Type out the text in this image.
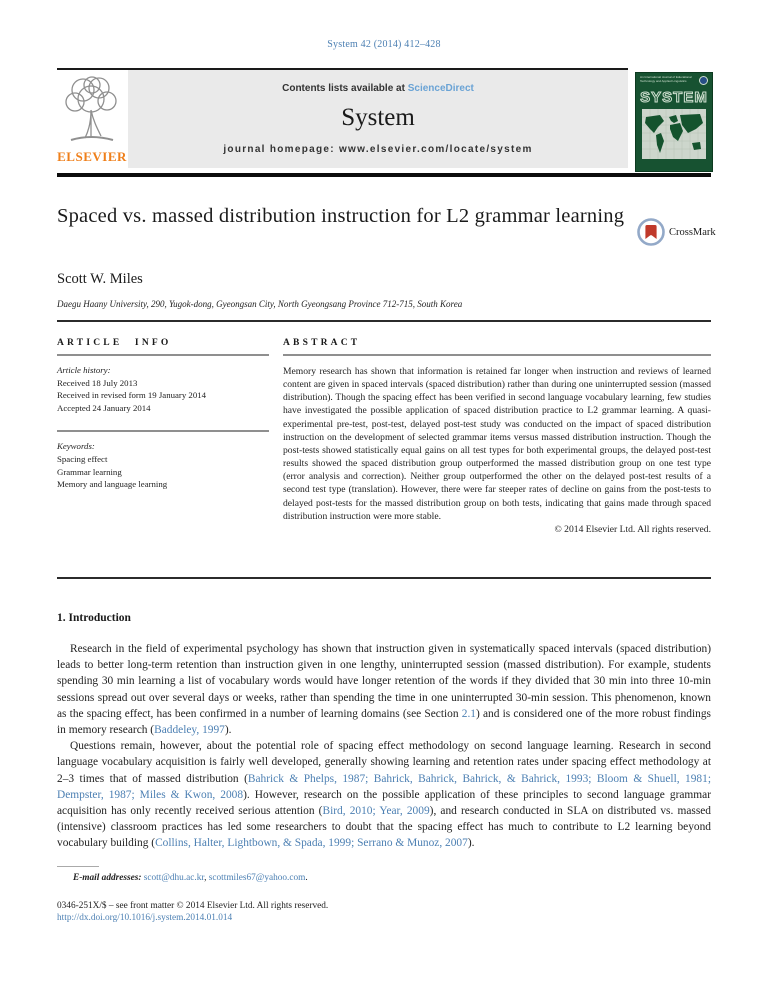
System 42 (2014) 412–428
ELSEVIER
Contents lists available at ScienceDirect
System
journal homepage: www.elsevier.com/locate/system
An International Journal of Educational Technology and Applied Linguistics
SYSTEM
Spaced vs. massed distribution instruction for L2 grammar learning
CrossMark
Scott W. Miles
Daegu Haany University, 290, Yugok-dong, Gyeongsan City, North Gyeongsang Province 712-715, South Korea
ARTICLE INFO
Article history:
Received 18 July 2013
Received in revised form 19 January 2014
Accepted 24 January 2014
Keywords:
Spacing effect
Grammar learning
Memory and language learning
ABSTRACT
Memory research has shown that information is retained far longer when instruction and reviews of learned content are given in spaced intervals (spaced distribution) rather than during one uninterrupted session (massed distribution). Though the spacing effect has been verified in second language vocabulary learning, few studies have investigated the possible application of spaced distribution practice to L2 grammar learning. A quasi-experimental pre-test, post-test, delayed post-test study was conducted on the impact of spaced distribution instruction on the development of selected grammar items versus massed distribution instruction. Though the post-tests showed statistically equal gains on all test types for both experimental groups, the delayed post-test results showed the spaced distribution group outperformed the massed distribution group on one test type (error analysis and correction). Neither group outperformed the other on the delayed post-test results of a second test type (translation). However, there were far steeper rates of decline on gains from the post-tests to delayed post-tests for the massed distribution group on both tests, indicating that gains made through spaced distribution instruction were more stable.
© 2014 Elsevier Ltd. All rights reserved.
1. Introduction

Research in the field of experimental psychology has shown that instruction given in systematically spaced intervals (spaced distribution) leads to better long-term retention than instruction given in one lengthy, uninterrupted session (massed distribution). For example, students spending 30 min learning a list of vocabulary words would have longer retention of the words if they divided that 30 min into three 10-min sessions spread out over several days or weeks, rather than spending the time in one uninterrupted 30-min session. This phenomenon, known as the spacing effect, has been confirmed in a number of learning domains (see Section 2.1) and is considered one of the more robust findings in memory research (Baddeley, 1997).

Questions remain, however, about the potential role of spacing effect methodology on second language learning. Research in second language vocabulary acquisition is fairly well developed, generally showing learning and retention rates under spacing effect methodology at 2–3 times that of massed distribution (Bahrick & Phelps, 1987; Bahrick, Bahrick, Bahrick, & Bahrick, 1993; Bloom & Shuell, 1981; Dempster, 1987; Miles & Kwon, 2008). However, research on the possible application of these principles to second language grammar acquisition has only recently received serious attention (Bird, 2010; Year, 2009), and research conducted in SLA on distributed vs. massed (intensive) classroom practices has led some researchers to doubt that the spacing effect has much to contribute to L2 learning beyond vocabulary building (Collins, Halter, Lightbown, & Spada, 1999; Serrano & Munoz, 2007).

E-mail addresses: scott@dhu.ac.kr, scottmiles67@yahoo.com.
0346-251X/$ – see front matter © 2014 Elsevier Ltd. All rights reserved.
http://dx.doi.org/10.1016/j.system.2014.01.014
